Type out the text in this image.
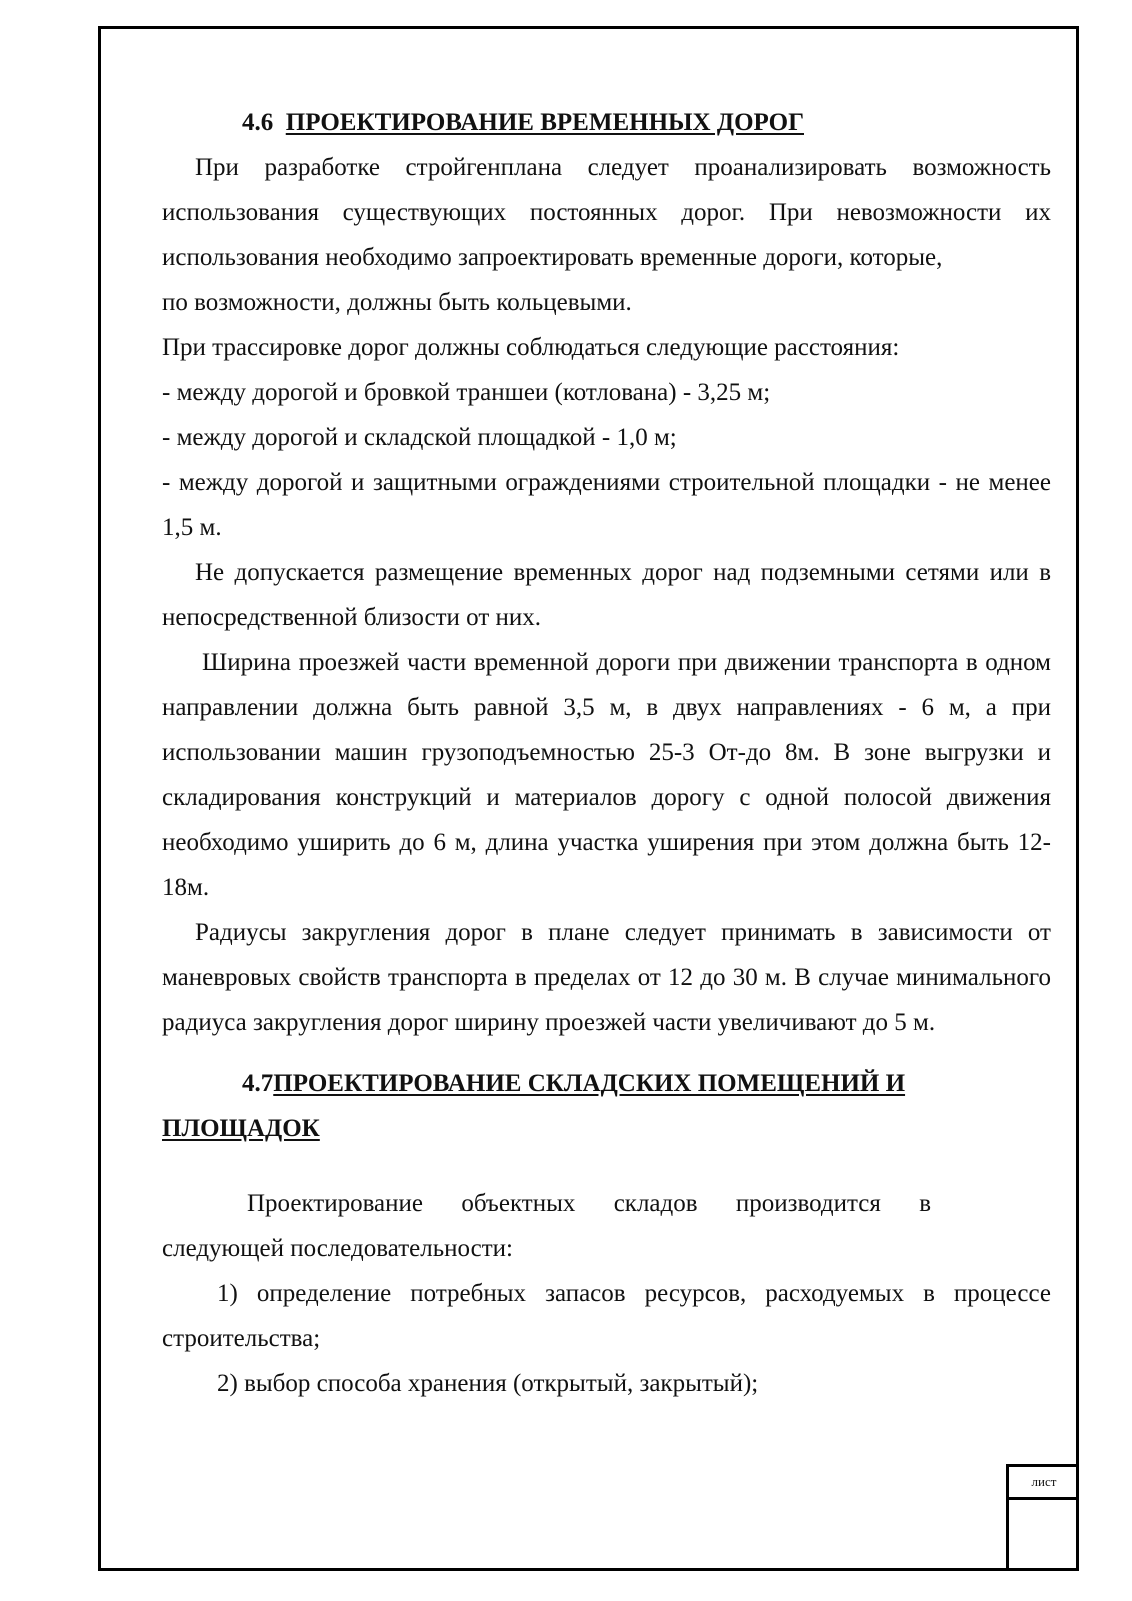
4.6 ПРОЕКТИРОВАНИЕ ВРЕМЕННЫХ ДОРОГ

При разработке стройгенплана следует проанализировать возможность использования существующих постоянных дорог. При невозможности их использования необходимо запроектировать временные дороги, которые,

по возможности, должны быть кольцевыми.

При трассировке дорог должны соблюдаться следующие расстояния:

- между дорогой и бровкой траншеи (котлована) - 3,25 м;

- между дорогой и складской площадкой - 1,0 м;

- между дорогой и защитными ограждениями строительной площадки - не менее 1,5 м.

Не допускается размещение временных дорог над подземными сетями или в непосредственной близости от них.

Ширина проезжей части временной дороги при движении транспорта в одном направлении должна быть равной 3,5 м, в двух направлениях - 6 м, а при использовании машин грузоподъемностью 25-3 От-до 8м. В зоне выгрузки и складирования конструкций и материалов дорогу с одной полосой движения необходимо уширить до 6 м, длина участка уширения при этом должна быть 12-18м.

Радиусы закругления дорог в плане следует принимать в зависимости от маневровых свойств транспорта в пределах от 12 до 30 м. В случае минимального радиуса закругления дорог ширину проезжей части увеличивают до 5 м.

4.7ПРОЕКТИРОВАНИЕ СКЛАДСКИХ ПОМЕЩЕНИЙ И

ПЛОЩАДОК

Проектирование объектных складов производится в

следующей последовательности:

1) определение потребных запасов ресурсов, расходуемых в процессе строительства;

2) выбор способа хранения (открытый, закрытый);

лист
